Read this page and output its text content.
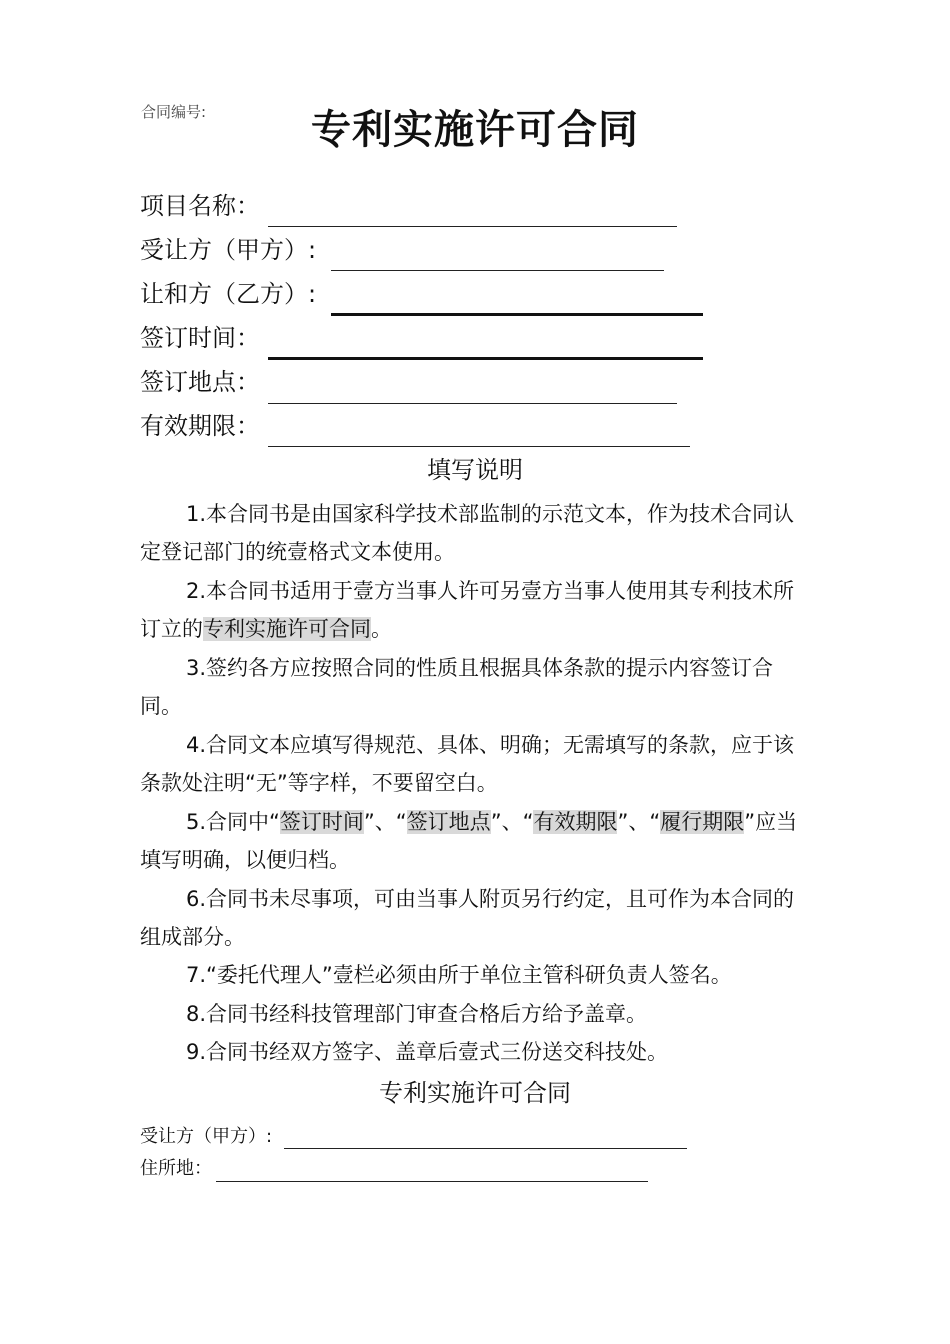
合同编号:	专利实施许可合同
项目名称：
受让方（甲方）:
让和方（乙方）:
签订时间：
签订地点：
有效期限：
填写说明
1.本合同书是由国家科学技术部监制的示范文本，作为技术合同认定登记部门的统壹格式文本使用。
2.本合同书适用于壹方当事人许可另壹方当事人使用其专利技术所订立的专利实施许可合同。
3.签约各方应按照合同的性质且根据具体条款的提示内容签订合同。
4.合同文本应填写得规范、具体、明确；无需填写的条款，应于该条款处注明“无”等字样，不要留空白。
5.合同中“签订时间”、“签订地点”、“有效期限”、“履行期限”应当填写明确，以便归档。
6.合同书未尽事项，可由当事人附页另行约定，且可作为本合同的组成部分。
7.“委托代理人”壹栏必须由所于单位主管科研负责人签名。
8.合同书经科技管理部门审查合格后方给予盖章。
9.合同书经双方签字、盖章后壹式三份送交科技处。
专利实施许可合同
受让方（甲方）:
住所地：
